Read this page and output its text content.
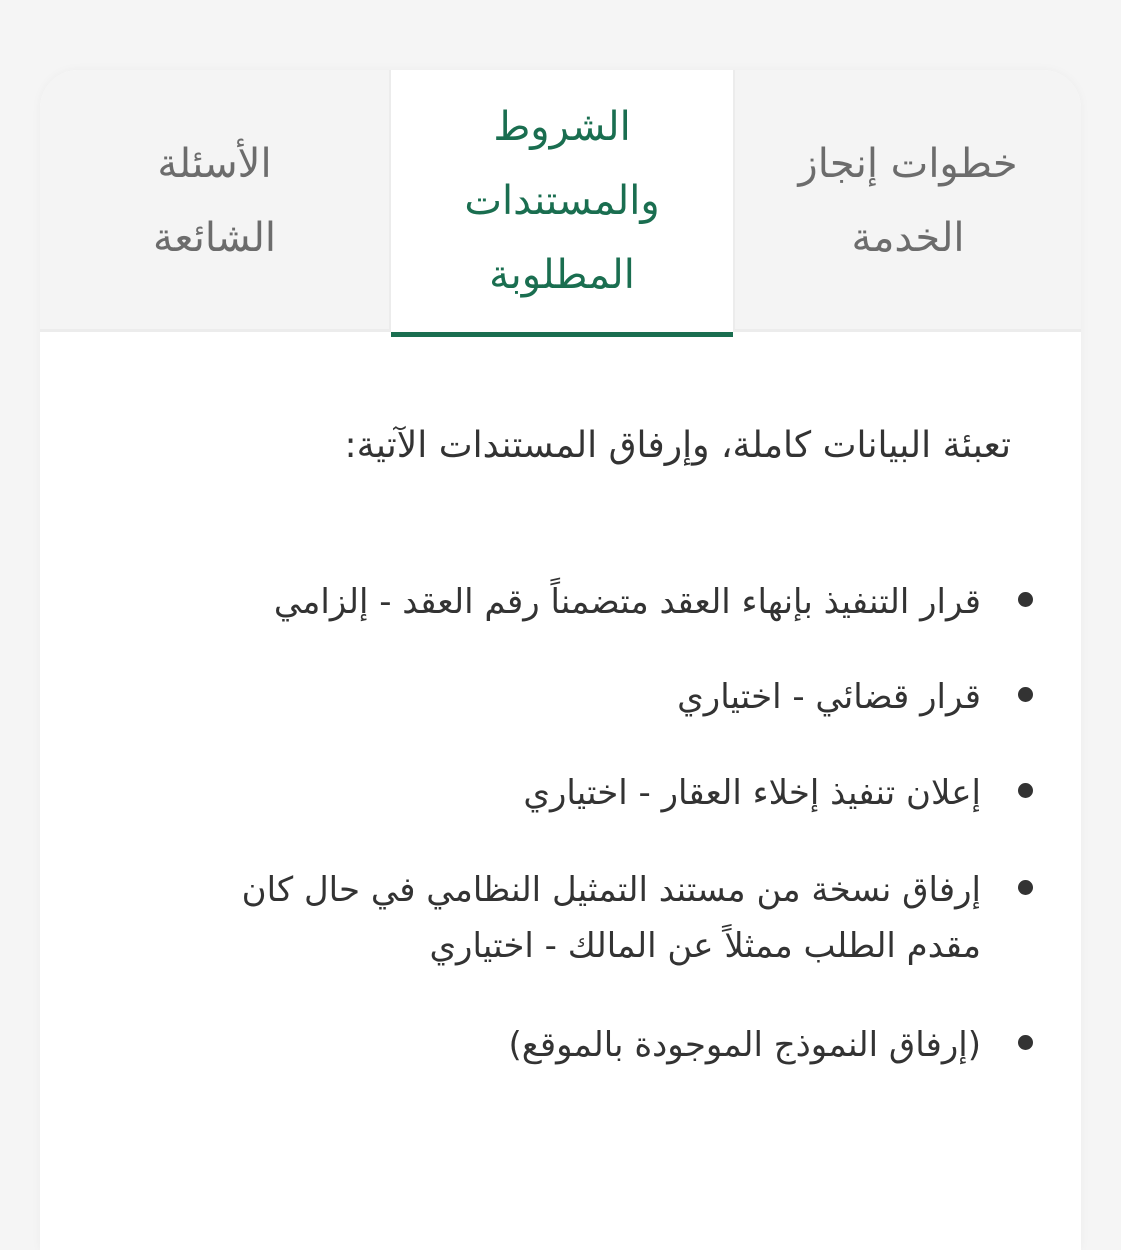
خطوات إنجاز
الخدمة
الشروط
والمستندات
المطلوبة
الأسئلة
الشائعة
تعبئة البيانات كاملة، وإرفاق المستندات الآتية:
قرار التنفيذ بإنهاء العقد متضمناً رقم العقد - إلزامي
قرار قضائي - اختياري
إعلان تنفيذ إخلاء العقار - اختياري
إرفاق نسخة من مستند التمثيل النظامي في حال كان مقدم الطلب ممثلاً عن المالك - اختياري
(إرفاق النموذج الموجودة بالموقع)
